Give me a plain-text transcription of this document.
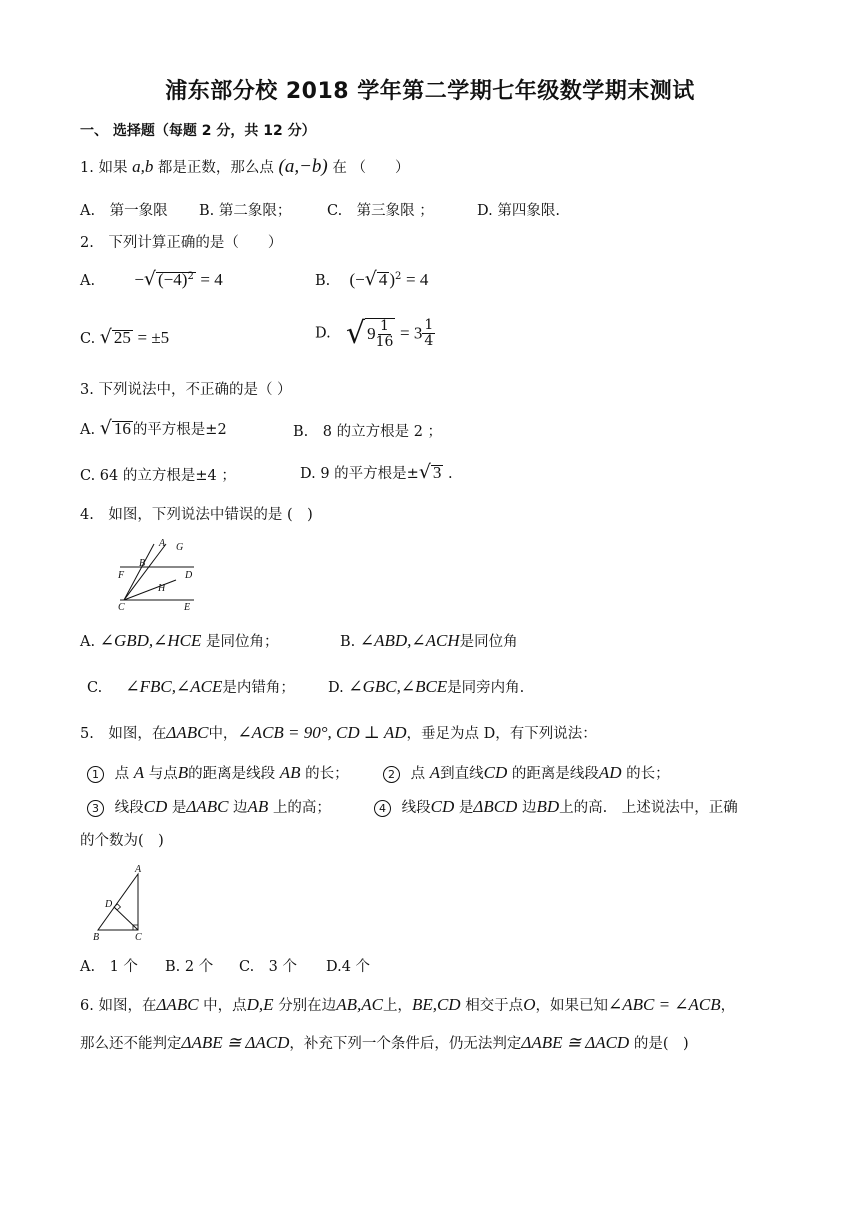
浦东部分校 2018 学年第二学期七年级数学期末测试
一、 选择题（每题 2 分，共 12 分）
1. 如果 a,b 都是正数，那么点 (a,−b) 在 （　　）
A.　第一象限 B. 第二象限； C.　第三象限 ；	D. 第四象限.
2.　下列计算正确的是（　　）
A. −√ $(-4)^2 = 4$	B. (−√ 4 )$^2$ = 4
C. √ 25 = ±5	D. √ $9 \frac{1}{16} = 3 \frac{1}{4}$
3. 下列说法中，不正确的是（ ）
A. √ 16 的平方根是±2	B.　8 的立方根是 2 ；
C. 64 的立方根是±4 ；	D. 9 的平方根是±√ 3 .
4.　如图，下列说法中错误的是 (　)
A G
B
F	D
H
C	E
A. ∠GBD,∠HCE 是同位角；	B. ∠ABD,∠ACH是同位角
C. ∠FBC,∠ACE是内错角； D. ∠GBC,∠BCE是同旁内角.
5.　如图，在ΔABC中，∠ACB = 90°, CD ⊥ AD，垂足为点 D，有下列说法：
1 点 A 与点B的距离是线段 AB 的长；	2 点 A到直线CD 的距离是线段AD 的长；
3 线段CD 是ΔABC 边AB 上的高；	4 线段CD 是ΔBCD 边BD上的高.　上述说法中，正确
的个数为(　)
A
D
B	C
A.　1 个 B. 2 个 C.　3 个 D.4 个
6. 如图，在ΔABC 中，点D,E 分别在边AB,AC上，BE,CD 相交于点O，如果已知∠ABC = ∠ACB，
那么还不能判定ΔABE ≅ ΔACD，补充下列一个条件后，仍无法判定ΔABE ≅ ΔACD 的是(　)
